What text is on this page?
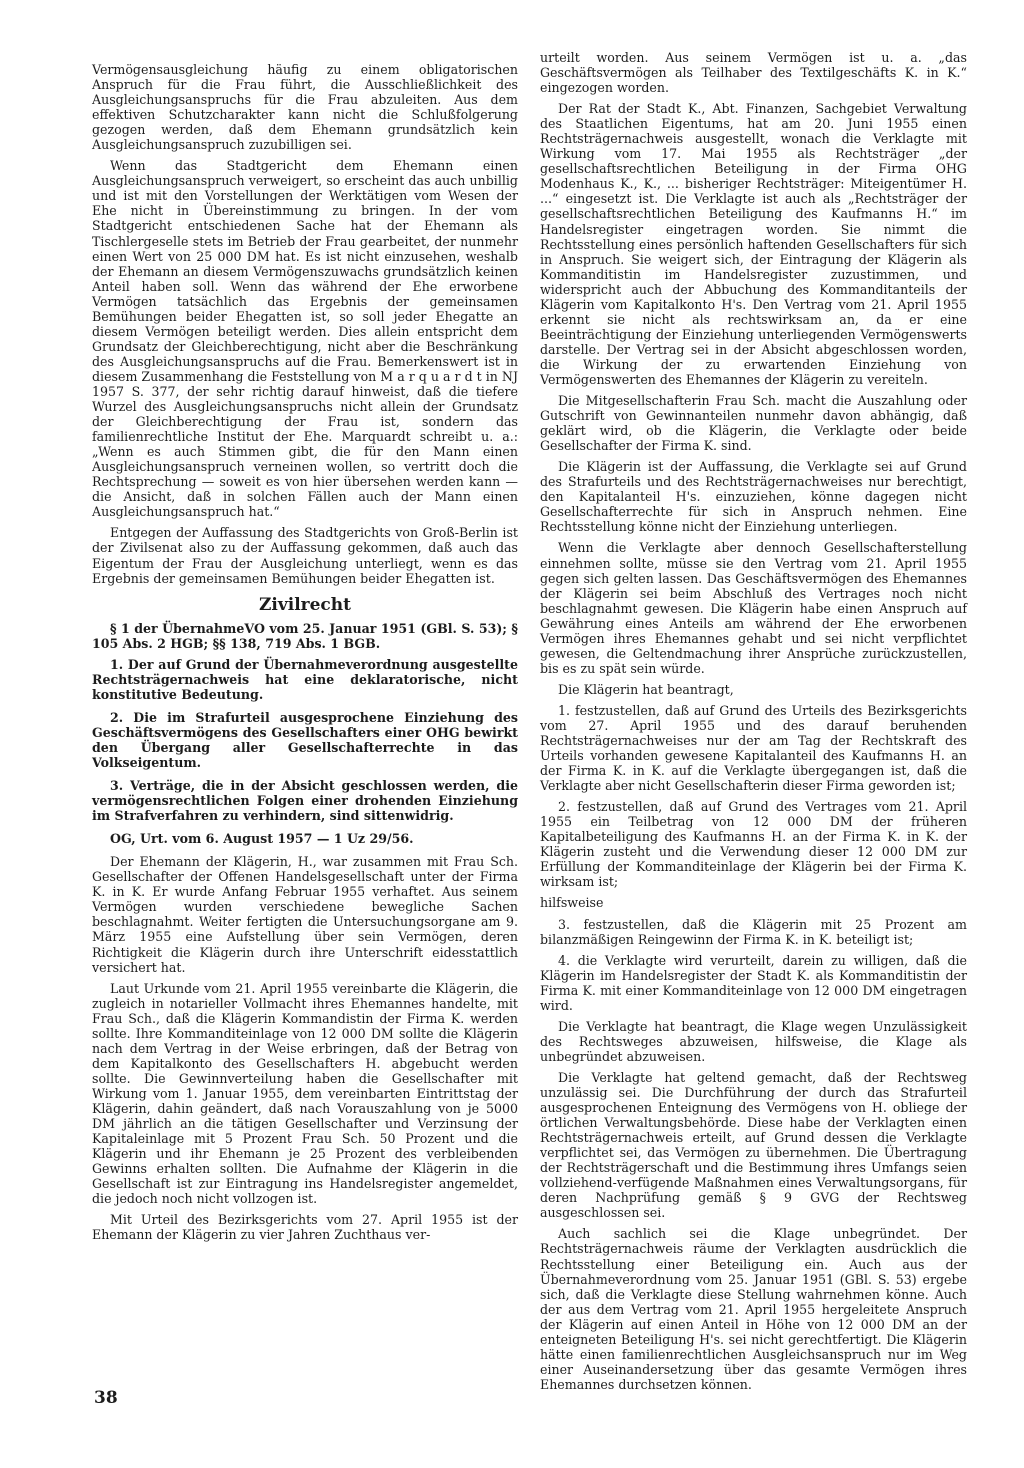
Vermögensausgleichung häufig zu einem obligatorischen Anspruch für die Frau führt, die Ausschließlichkeit des Ausgleichungsanspruchs für die Frau abzuleiten. Aus dem effektiven Schutzcharakter kann nicht die Schlußfolgerung gezogen werden, daß dem Ehemann grundsätzlich kein Ausgleichungsanspruch zuzubilligen sei.

Wenn das Stadtgericht dem Ehemann einen Ausgleichungsanspruch verweigert, so erscheint das auch unbillig und ist mit den Vorstellungen der Werktätigen vom Wesen der Ehe nicht in Übereinstimmung zu bringen. In der vom Stadtgericht entschiedenen Sache hat der Ehemann als Tischlergeselle stets im Betrieb der Frau gearbeitet, der nunmehr einen Wert von 25 000 DM hat. Es ist nicht einzusehen, weshalb der Ehemann an diesem Vermögenszuwachs grundsätzlich keinen Anteil haben soll. Wenn das während der Ehe erworbene Vermögen tatsächlich das Ergebnis der gemeinsamen Bemühungen beider Ehegatten ist, so soll jeder Ehegatte an diesem Vermögen beteiligt werden. Dies allein entspricht dem Grundsatz der Gleichberechtigung, nicht aber die Beschränkung des Ausgleichungsanspruchs auf die Frau. Bemerkenswert ist in diesem Zusammenhang die Feststellung von M a r q u a r d t in NJ 1957 S. 377, der sehr richtig darauf hinweist, daß die tiefere Wurzel des Ausgleichungsanspruchs nicht allein der Grundsatz der Gleichberechtigung der Frau ist, sondern das familienrechtliche Institut der Ehe. Marquardt schreibt u. a.: „Wenn es auch Stimmen gibt, die für den Mann einen Ausgleichungsanspruch verneinen wollen, so vertritt doch die Rechtsprechung — soweit es von hier übersehen werden kann — die Ansicht, daß in solchen Fällen auch der Mann einen Ausgleichungsanspruch hat.“

Entgegen der Auffassung des Stadtgerichts von Groß-Berlin ist der Zivilsenat also zu der Auffassung gekommen, daß auch das Eigentum der Frau der Ausgleichung unterliegt, wenn es das Ergebnis der gemeinsamen Bemühungen beider Ehegatten ist.

Zivilrecht

§ 1 der ÜbernahmeVO vom 25. Januar 1951 (GBl. S. 53); § 105 Abs. 2 HGB; §§ 138, 719 Abs. 1 BGB.

1. Der auf Grund der Übernahmeverordnung ausgestellte Rechtsträgernachweis hat eine deklaratorische, nicht konstitutive Bedeutung.

2. Die im Strafurteil ausgesprochene Einziehung des Geschäftsvermögens des Gesellschafters einer OHG bewirkt den Übergang aller Gesellschafterrechte in das Volkseigentum.

3. Verträge, die in der Absicht geschlossen werden, die vermögensrechtlichen Folgen einer drohenden Einziehung im Strafverfahren zu verhindern, sind sittenwidrig.

OG, Urt. vom 6. August 1957 — 1 Uz 29/56.

Der Ehemann der Klägerin, H., war zusammen mit Frau Sch. Gesellschafter der Offenen Handelsgesellschaft unter der Firma K. in K. Er wurde Anfang Februar 1955 verhaftet. Aus seinem Vermögen wurden verschiedene bewegliche Sachen beschlagnahmt. Weiter fertigten die Untersuchungsorgane am 9. März 1955 eine Aufstellung über sein Vermögen, deren Richtigkeit die Klägerin durch ihre Unterschrift eidesstattlich versichert hat.

Laut Urkunde vom 21. April 1955 vereinbarte die Klägerin, die zugleich in notarieller Vollmacht ihres Ehemannes handelte, mit Frau Sch., daß die Klägerin Kommandistin der Firma K. werden sollte. Ihre Kommanditeinlage von 12 000 DM sollte die Klägerin nach dem Vertrag in der Weise erbringen, daß der Betrag von dem Kapitalkonto des Gesellschafters H. abgebucht werden sollte. Die Gewinnverteilung haben die Gesellschafter mit Wirkung vom 1. Januar 1955, dem vereinbarten Eintrittstag der Klägerin, dahin geändert, daß nach Vorauszahlung von je 5000 DM jährlich an die tätigen Gesellschafter und Verzinsung der Kapitaleinlage mit 5 Prozent Frau Sch. 50 Prozent und die Klägerin und ihr Ehemann je 25 Prozent des verbleibenden Gewinns erhalten sollten. Die Aufnahme der Klägerin in die Gesellschaft ist zur Eintragung ins Handelsregister angemeldet, die jedoch noch nicht vollzogen ist.

Mit Urteil des Bezirksgerichts vom 27. April 1955 ist der Ehemann der Klägerin zu vier Jahren Zuchthaus ver-

urteilt worden. Aus seinem Vermögen ist u. a. „das Geschäftsvermögen als Teilhaber des Textilgeschäfts K. in K.“ eingezogen worden.

Der Rat der Stadt K., Abt. Finanzen, Sachgebiet Verwaltung des Staatlichen Eigentums, hat am 20. Juni 1955 einen Rechtsträgernachweis ausgestellt, wonach die Verklagte mit Wirkung vom 17. Mai 1955 als Rechtsträger „der gesellschaftsrechtlichen Beteiligung in der Firma OHG Modenhaus K., K., ... bisheriger Rechtsträger: Miteigentümer H. ...“ eingesetzt ist. Die Verklagte ist auch als „Rechtsträger der gesellschaftsrechtlichen Beteiligung des Kaufmanns H.“ im Handelsregister eingetragen worden. Sie nimmt die Rechtsstellung eines persönlich haftenden Gesellschafters für sich in Anspruch. Sie weigert sich, der Eintragung der Klägerin als Kommanditistin im Handelsregister zuzustimmen, und widerspricht auch der Abbuchung des Kommanditanteils der Klägerin vom Kapitalkonto H's. Den Vertrag vom 21. April 1955 erkennt sie nicht als rechtswirksam an, da er eine Beeinträchtigung der Einziehung unterliegenden Vermögenswerts darstelle. Der Vertrag sei in der Absicht abgeschlossen worden, die Wirkung der zu erwartenden Einziehung von Vermögenswerten des Ehemannes der Klägerin zu vereiteln.

Die Mitgesellschafterin Frau Sch. macht die Auszahlung oder Gutschrift von Gewinnanteilen nunmehr davon abhängig, daß geklärt wird, ob die Klägerin, die Verklagte oder beide Gesellschafter der Firma K. sind.

Die Klägerin ist der Auffassung, die Verklagte sei auf Grund des Strafurteils und des Rechtsträgernachweises nur berechtigt, den Kapitalanteil H's. einzuziehen, könne dagegen nicht Gesellschafterrechte für sich in Anspruch nehmen. Eine Rechtsstellung könne nicht der Einziehung unterliegen.

Wenn die Verklagte aber dennoch Gesellschafterstellung einnehmen sollte, müsse sie den Vertrag vom 21. April 1955 gegen sich gelten lassen. Das Geschäftsvermögen des Ehemannes der Klägerin sei beim Abschluß des Vertrages noch nicht beschlagnahmt gewesen. Die Klägerin habe einen Anspruch auf Gewährung eines Anteils am während der Ehe erworbenen Vermögen ihres Ehemannes gehabt und sei nicht verpflichtet gewesen, die Geltendmachung ihrer Ansprüche zurückzustellen, bis es zu spät sein würde.

Die Klägerin hat beantragt,

1. festzustellen, daß auf Grund des Urteils des Bezirksgerichts vom 27. April 1955 und des darauf beruhenden Rechtsträgernachweises nur der am Tag der Rechtskraft des Urteils vorhanden gewesene Kapitalanteil des Kaufmanns H. an der Firma K. in K. auf die Verklagte übergegangen ist, daß die Verklagte aber nicht Gesellschafterin dieser Firma geworden ist;

2. festzustellen, daß auf Grund des Vertrages vom 21. April 1955 ein Teilbetrag von 12 000 DM der früheren Kapitalbeteiligung des Kaufmanns H. an der Firma K. in K. der Klägerin zusteht und die Verwendung dieser 12 000 DM zur Erfüllung der Kommanditeinlage der Klägerin bei der Firma K. wirksam ist;

hilfsweise

3. festzustellen, daß die Klägerin mit 25 Prozent am bilanzmäßigen Reingewinn der Firma K. in K. beteiligt ist;

4. die Verklagte wird verurteilt, darein zu willigen, daß die Klägerin im Handelsregister der Stadt K. als Kommanditistin der Firma K. mit einer Kommanditeinlage von 12 000 DM eingetragen wird.

Die Verklagte hat beantragt, die Klage wegen Unzulässigkeit des Rechtsweges abzuweisen, hilfsweise, die Klage als unbegründet abzuweisen.

Die Verklagte hat geltend gemacht, daß der Rechtsweg unzulässig sei. Die Durchführung der durch das Strafurteil ausgesprochenen Enteignung des Vermögens von H. obliege der örtlichen Verwaltungsbehörde. Diese habe der Verklagten einen Rechtsträgernachweis erteilt, auf Grund dessen die Verklagte verpflichtet sei, das Vermögen zu übernehmen. Die Übertragung der Rechtsträgerschaft und die Bestimmung ihres Umfangs seien vollziehend-verfügende Maßnahmen eines Verwaltungsorgans, für deren Nachprüfung gemäß § 9 GVG der Rechtsweg ausgeschlossen sei.

Auch sachlich sei die Klage unbegründet. Der Rechtsträgernachweis räume der Verklagten ausdrücklich die Rechtsstellung einer Beteiligung ein. Auch aus der Übernahmeverordnung vom 25. Januar 1951 (GBl. S. 53) ergebe sich, daß die Verklagte diese Stellung wahrnehmen könne. Auch der aus dem Vertrag vom 21. April 1955 hergeleitete Anspruch der Klägerin auf einen Anteil in Höhe von 12 000 DM an der enteigneten Beteiligung H's. sei nicht gerechtfertigt. Die Klägerin hätte einen familienrechtlichen Ausgleichsanspruch nur im Weg einer Auseinandersetzung über das gesamte Vermögen ihres Ehemannes durchsetzen können.

38
